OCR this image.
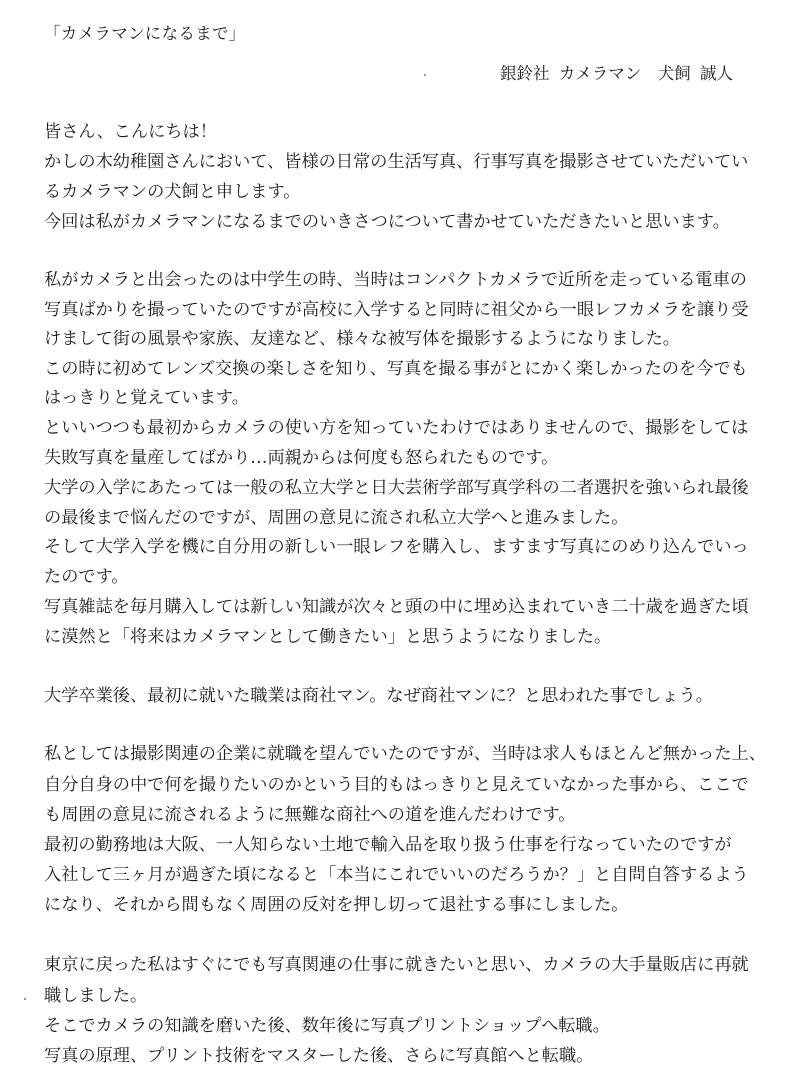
「カメラマンになるまで」
銀鈴社 カメラマン　犬飼 誠人
皆さん、こんにちは！
かしの木幼稚園さんにおいて、皆様の日常の生活写真、行事写真を撮影させていただいてい
るカメラマンの犬飼と申します。
今回は私がカメラマンになるまでのいきさつについて書かせていただきたいと思います。
私がカメラと出会ったのは中学生の時、当時はコンパクトカメラで近所を走っている電車の
写真ばかりを撮っていたのですが高校に入学すると同時に祖父から一眼レフカメラを譲り受
けまして街の風景や家族、友達など、様々な被写体を撮影するようになりました。
この時に初めてレンズ交換の楽しさを知り、写真を撮る事がとにかく楽しかったのを今でも
はっきりと覚えています。
といいつつも最初からカメラの使い方を知っていたわけではありませんので、撮影をしては
失敗写真を量産してばかり…両親からは何度も怒られたものです。
大学の入学にあたっては一般の私立大学と日大芸術学部写真学科の二者選択を強いられ最後
の最後まで悩んだのですが、周囲の意見に流され私立大学へと進みました。
そして大学入学を機に自分用の新しい一眼レフを購入し、ますます写真にのめり込んでいっ
たのです。
写真雑誌を毎月購入しては新しい知識が次々と頭の中に埋め込まれていき二十歳を過ぎた頃
に漠然と「将来はカメラマンとして働きたい」と思うようになりました。
大学卒業後、最初に就いた職業は商社マン。なぜ商社マンに？と思われた事でしょう。
私としては撮影関連の企業に就職を望んでいたのですが、当時は求人もほとんど無かった上、
自分自身の中で何を撮りたいのかという目的もはっきりと見えていなかった事から、ここで
も周囲の意見に流されるように無難な商社への道を進んだわけです。
最初の勤務地は大阪、一人知らない土地で輸入品を取り扱う仕事を行なっていたのですが
入社して三ヶ月が過ぎた頃になると「本当にこれでいいのだろうか？」と自問自答するよう
になり、それから間もなく周囲の反対を押し切って退社する事にしました。
東京に戻った私はすぐにでも写真関連の仕事に就きたいと思い、カメラの大手量販店に再就
職しました。
そこでカメラの知識を磨いた後、数年後に写真プリントショップへ転職。
写真の原理、プリント技術をマスターした後、さらに写真館へと転職。
